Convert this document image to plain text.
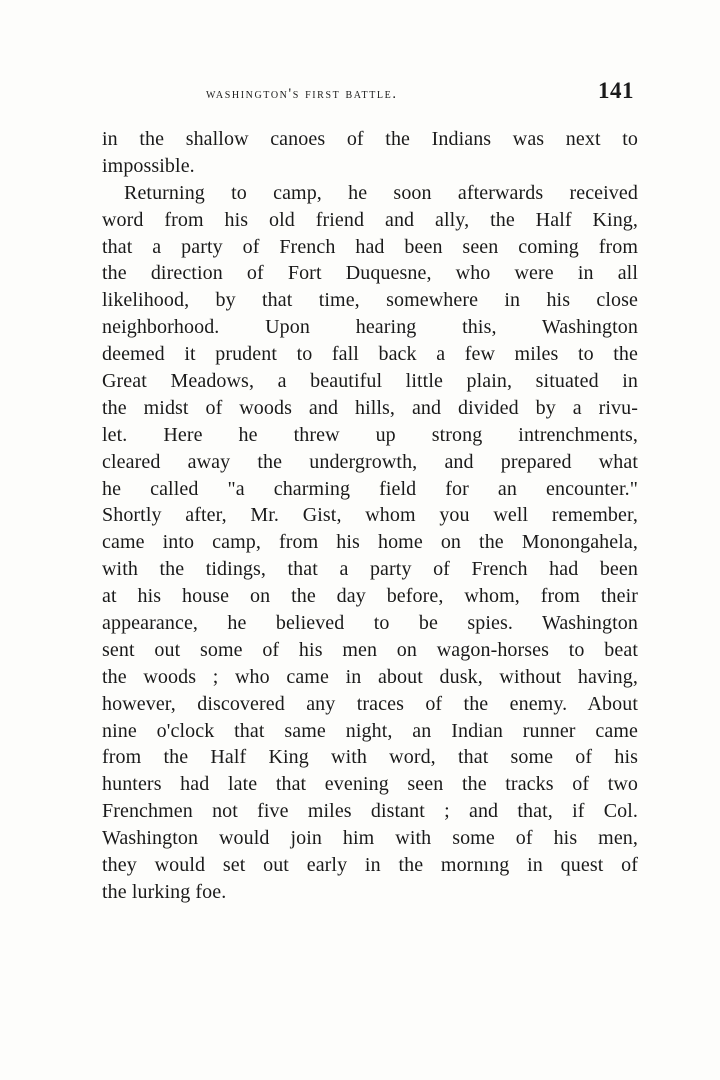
washington's first battle.	141
in the shallow canoes of the Indians was next to
impossible.
Returning to camp, he soon afterwards received
word from his old friend and ally, the Half King,
that a party of French had been seen coming from
the direction of Fort Duquesne, who were in all
likelihood, by that time, somewhere in his close
neighborhood. Upon hearing this, Washington
deemed it prudent to fall back a few miles to the
Great Meadows, a beautiful little plain, situated in
the midst of woods and hills, and divided by a rivu-
let. Here he threw up strong intrenchments,
cleared away the undergrowth, and prepared what
he called "a charming field for an encounter."
Shortly after, Mr. Gist, whom you well remember,
came into camp, from his home on the Monongahela,
with the tidings, that a party of French had been
at his house on the day before, whom, from their
appearance, he believed to be spies. Washington
sent out some of his men on wagon-horses to beat
the woods ; who came in about dusk, without having,
however, discovered any traces of the enemy. About
nine o'clock that same night, an Indian runner came
from the Half King with word, that some of his
hunters had late that evening seen the tracks of two
Frenchmen not five miles distant ; and that, if Col.
Washington would join him with some of his men,
they would set out early in the mornıng in quest of
the lurking foe.
